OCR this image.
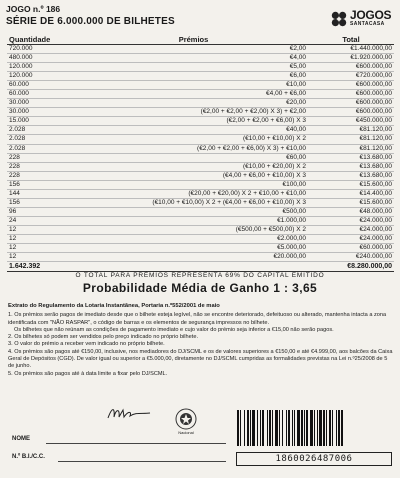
JOGO n.º 186
SÉRIE DE 6.000.000 DE BILHETES	JOGOS
SANTACASA
Quantidade	Prémios	Total
720.000	€2,00	€1.440.000,00
480.000	€4,00	€1.920.000,00
120.000	€5,00	€600.000,00
120.000	€6,00	€720.000,00
60.000	€10,00	€600.000,00
60.000	€4,00 + €6,00	€600.000,00
30.000	€20,00	€600.000,00
30.000	(€2,00 + €2,00 + €2,00) X 3) + €2,00	€600.000,00
15.000	(€2,00 + €2,00 + €6,00) X 3	€450.000,00
2.028	€40,00	€81.120,00
2.028	(€10,00 + €10,00) X 2	€81.120,00
2.028	(€2,00 + €2,00 + €6,00) X 3) + €10,00	€81.120,00
228	€60,00	€13.680,00
228	(€10,00 + €20,00) X 2	€13.680,00
228	(€4,00 + €6,00 + €10,00) X 3	€13.680,00
156	€100,00	€15.600,00
144	(€20,00 + €20,00) X 2 + €10,00 + €10,00	€14.400,00
156	(€10,00 + €10,00) X 2 + (€4,00 + €6,00 + €10,00) X 3	€15.600,00
96	€500,00	€48.000,00
24	€1.000,00	€24.000,00
12	(€500,00 + €500,00) X 2	€24.000,00
12	€2.000,00	€24.000,00
12	€5.000,00	€60.000,00
12	€20.000,00	€240.000,00
1.642.392		€8.280.000,00
O TOTAL PARA PRÉMIOS REPRESENTA 69% DO CAPITAL EMITIDO
Probabilidade Média de Ganho 1 : 3,65
Extrato do Regulamento da Lotaria Instantânea, Portaria n.º552/2001 de maio

1. Os prémios serão pagos de imediato desde que o bilhete esteja legível, não se encontre deteriorado, defeituoso ou alterado, mantenha intacta a zona identificada com "NÃO RASPAR", o código de barras e os elementos de segurança impressos no bilhete.

Os bilhetes que não reúnam as condições de pagamento imediato e cujo valor do prémio seja inferior a €15,00 não serão pagos.

2. Os bilhetes só podem ser vendidos pelo preço indicado no próprio bilhete.

3. O valor do prémio a receber vem indicado no próprio bilhete.

4. Os prémios são pagos até €150,00, inclusive, nos mediadores do DJ/SCML e os de valores superiores a €150,00 e até €4.999,00, aos balcões da Caixa Geral de Depósitos (CGD). De valor igual ou superior a €5.000,00, diretamente no DJ/SCML cumpridas as formalidades previstas na Lei n.º25/2008 de 5 de junho.

5. Os prémios são pagos até à data limite a fixar pelo DJ/SCML.

Nacional
NOME
N.º B.I./C.C.	1860026487006
